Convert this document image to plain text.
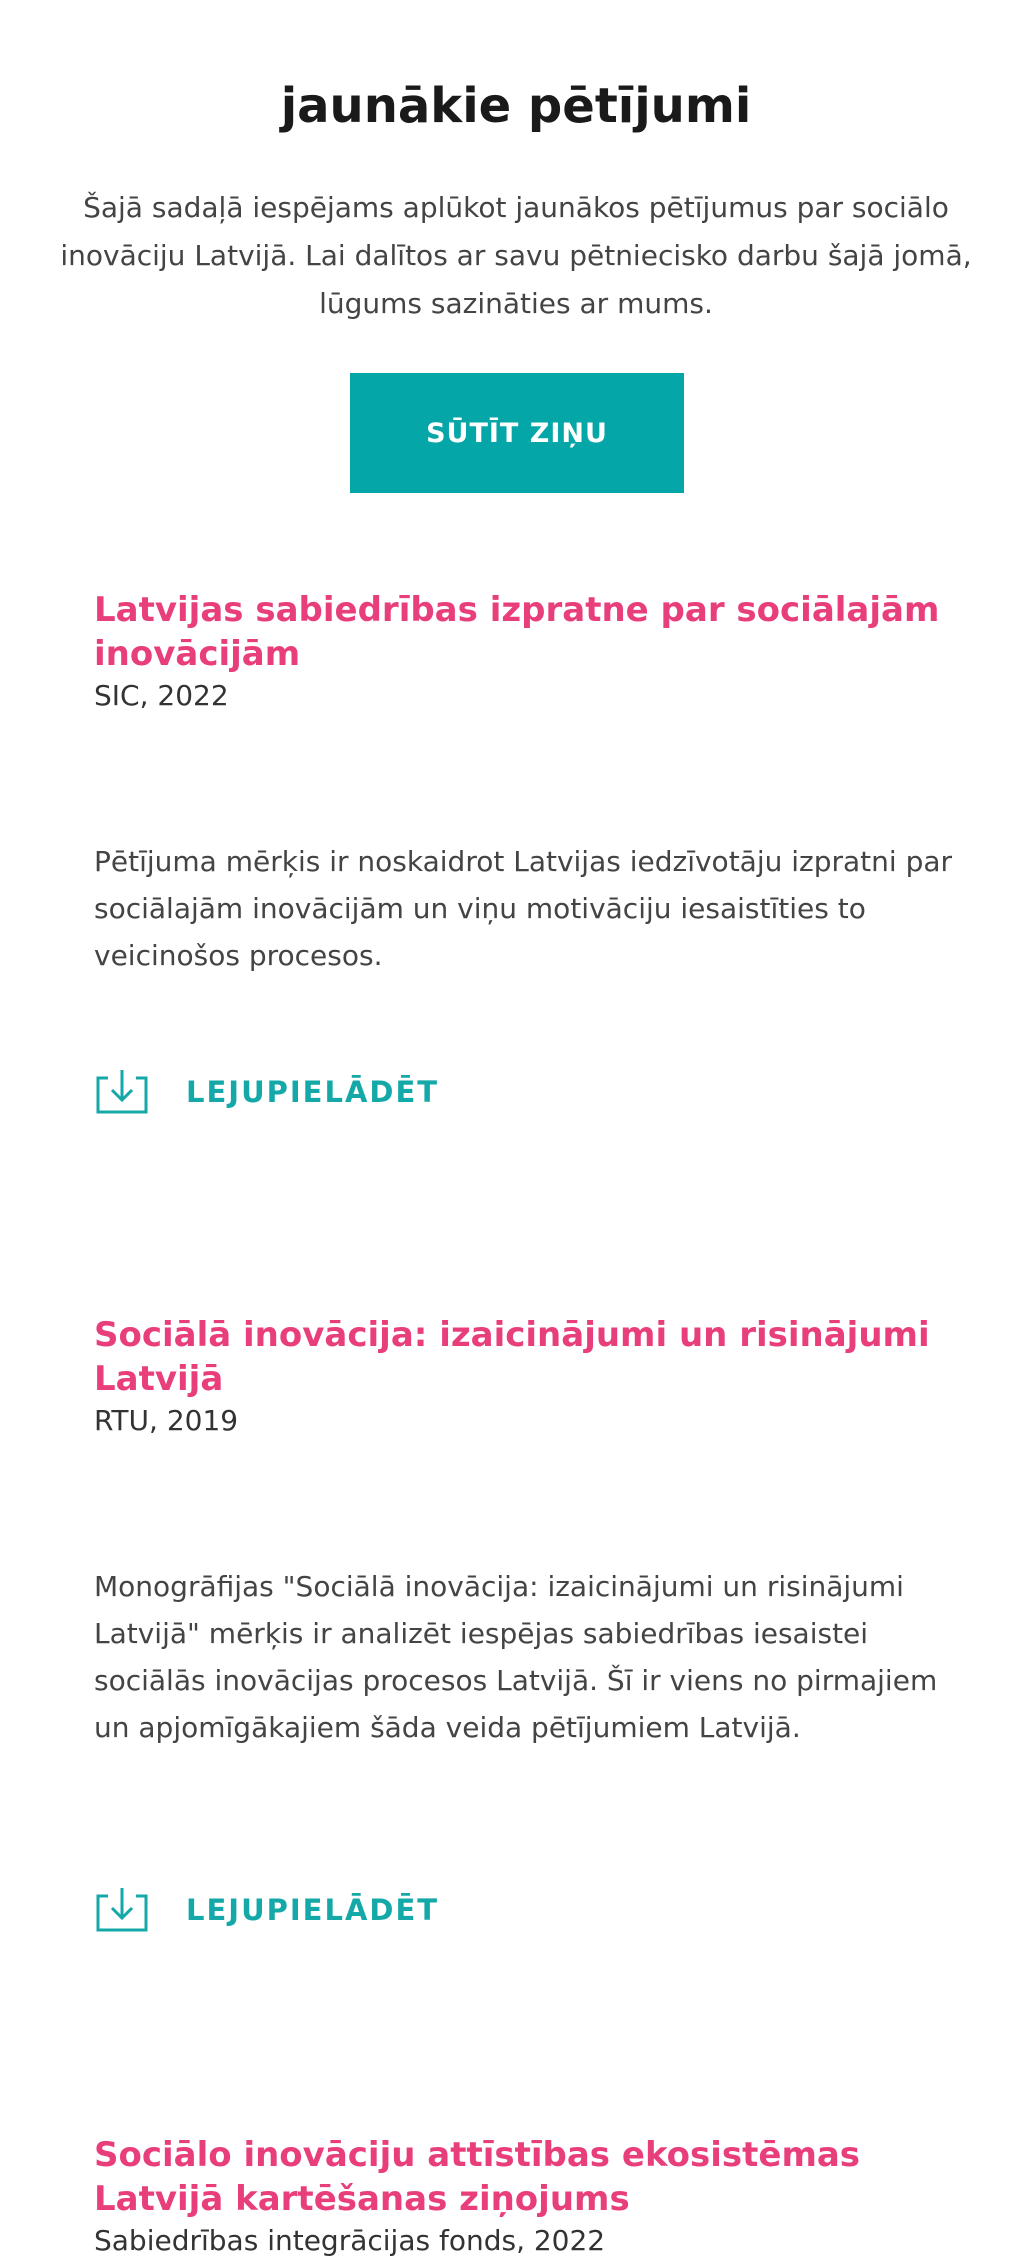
jaunākie pētījumi

Šajā sadaļā iespējams aplūkot jaunākos pētījumus par sociālo inovāciju Latvijā. Lai dalītos ar savu pētniecisko darbu šajā jomā, lūgums sazināties ar mums.

SŪTĪT ZIŅU
Latvijas sabiedrības izpratne par sociālajām inovācijām

SIC, 2022

Pētījuma mērķis ir noskaidrot Latvijas iedzīvotāju izpratni par sociālajām inovācijām un viņu motivāciju iesaistīties to veicinošos procesos.

LEJUPIELĀDĒT
Sociālā inovācija: izaicinājumi un risinājumi Latvijā

RTU, 2019

Monogrāfijas "Sociālā inovācija: izaicinājumi un risinājumi Latvijā" mērķis ir analizēt iespējas sabiedrības iesaistei sociālās inovācijas procesos Latvijā. Šī ir viens no pirmajiem un apjomīgākajiem šāda veida pētījumiem Latvijā.

LEJUPIELĀDĒT
Sociālo inovāciju attīstības ekosistēmas Latvijā kartēšanas ziņojums

Sabiedrības integrācijas fonds, 2022
